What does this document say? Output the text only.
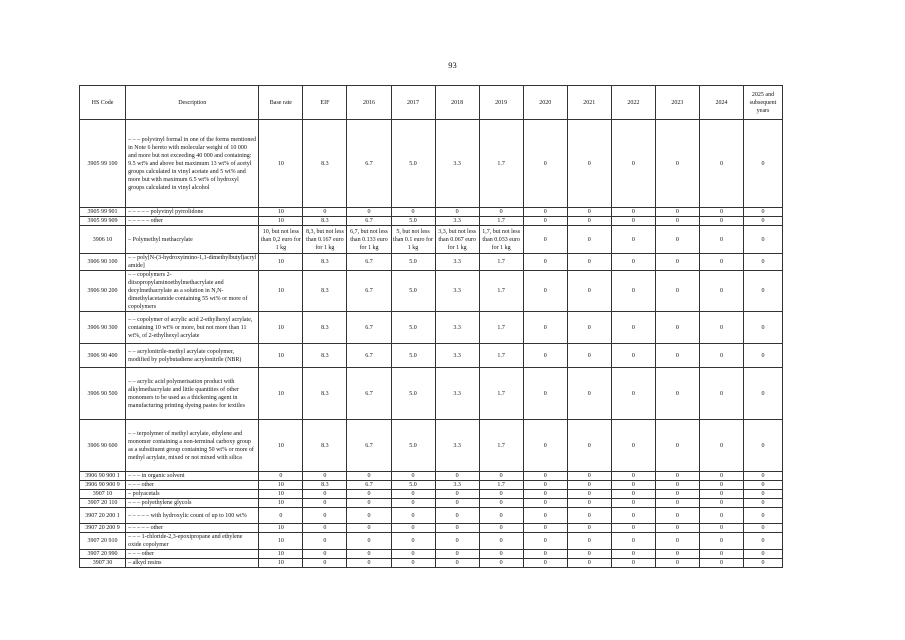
93
HS Code	Description	Base rate	EIF	2016	2017	2018	2019	2020	2021	2022	2023	2024	2025 and subsequent years
3905 99 100	– – – polyvinyl formal in one of the forms mentioned in Note 6 hereto with molecular weight of 10 000 and more but not exceeding 40 000 and containing: 9.5 wt% and above but maximum 13 wt% of acetyl groups calculated in vinyl acetate and 5 wt% and more but with maximum 6.5 wt% of hydroxyl groups calculated in vinyl alcohol	10	8.3	6.7	5.0	3.3	1.7	0	0	0	0	0	0
3905 99 901	– – – – – polyvinyl pyrrolidone	10	0	0	0	0	0	0	0	0	0	0	0
3905 99 909	– – – – – other	10	8.3	6.7	5.0	3.3	1.7	0	0	0	0	0	0
3906 10	– Polymethyl methacrylate	10, but not less than 0,2 euro for 1 kg	8,3, but not less than 0.167 euro for 1 kg	6,7, but not less than 0.133 euro for 1 kg	5, but not less than 0.1 euro for 1 kg	3,3, but not less than 0.067 euro for 1 kg	1,7, but not less than 0.033 euro for 1 kg	0	0	0	0	0	0
3906 90 100	– – poly[N-(3-hydroxyimino-1,1-dimethylbutyl)acryl amide]	10	8.3	6.7	5.0	3.3	1.7	0	0	0	0	0	0
3906 90 200	– – copolymers 2-diisopropylaminoethylmethacrylate and decylmethacrylate as a solution in N,N-dimethylacetamide containing 55 wt% or more of copolymers	10	8.3	6.7	5.0	3.3	1.7	0	0	0	0	0	0
3906 90 300	– – copolymer of acrylic acid 2-ethylhexyl acrylate, containing 10 wt% or more, but not more than 11 wt%, of 2-ethylhexyl acrylate	10	8.3	6.7	5.0	3.3	1.7	0	0	0	0	0	0
3906 90 400	– – acrylonitrile-methyl acrylate copolymer, modified by polybutadiene acrylonitrile (NBR)	10	8.3	6.7	5.0	3.3	1.7	0	0	0	0	0	0
3906 90 500	– – acrylic acid polymerisation product with alkylmethacrylate and little quantities of other monomers to be used as a thickening agent in manufacturing printing dyeing pastes for textiles	10	8.3	6.7	5.0	3.3	1.7	0	0	0	0	0	0
3906 90 600	– – terpolymer of methyl acrylate, ethylene and monomer containing a non-terminal carboxy group as a substituent group containing 50 wt% or more of methyl acrylate, mixed or not mixed with silica	10	8.3	6.7	5.0	3.3	1.7	0	0	0	0	0	0
3906 90 900 1	– – – in organic solvent	0	0	0	0	0	0	0	0	0	0	0	0
3906 90 900 9	– – – other	10	8.3	6.7	5.0	3.3	1.7	0	0	0	0	0	0
3907 10	– polyacetals	10	0	0	0	0	0	0	0	0	0	0	0
3907 20 110	– – – polyethylene glycols	10	0	0	0	0	0	0	0	0	0	0	0
3907 20 200 1	– – – – – with hydroxylic count of up to 100 wt%	0	0	0	0	0	0	0	0	0	0	0	0
3907 20 200 9	– – – – – other	10	0	0	0	0	0	0	0	0	0	0	0
3907 20 910	– – – 1-chloride-2,3-epoxipropane and ethylene oxide copolymer	10	0	0	0	0	0	0	0	0	0	0	0
3907 20 990	– – – other	10	0	0	0	0	0	0	0	0	0	0	0
3907 30	– alkyd resins	10	0	0	0	0	0	0	0	0	0	0	0
